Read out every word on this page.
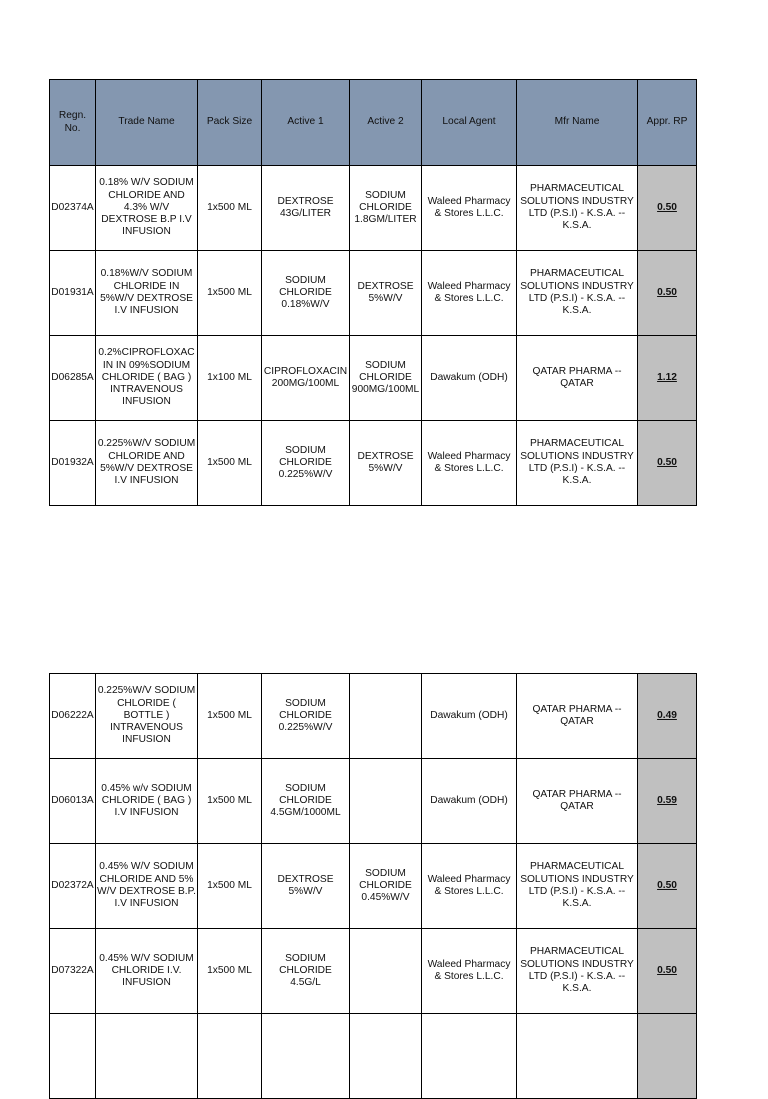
Regn. No.	Trade Name	Pack Size	Active 1	Active 2	Local Agent	Mfr Name	Appr. RP
D02374A	0.18% W/V SODIUM CHLORIDE AND 4.3% W/V DEXTROSE B.P I.V INFUSION	1x500 ML	DEXTROSE 43G/LITER	SODIUM CHLORIDE 1.8GM/LITER	Waleed Pharmacy & Stores L.L.C.	PHARMACEUTICAL SOLUTIONS INDUSTRY LTD (P.S.I) - K.S.A. -- K.S.A.	0.50
D01931A	0.18%W/V SODIUM CHLORIDE IN 5%W/V DEXTROSE I.V INFUSION	1x500 ML	SODIUM CHLORIDE 0.18%W/V	DEXTROSE 5%W/V	Waleed Pharmacy & Stores L.L.C.	PHARMACEUTICAL SOLUTIONS INDUSTRY LTD (P.S.I) - K.S.A. -- K.S.A.	0.50
D06285A	0.2%CIPROFLOXACIN IN 09%SODIUM CHLORIDE ( BAG ) INTRAVENOUS INFUSION	1x100 ML	CIPROFLOXACIN 200MG/100ML	SODIUM CHLORIDE 900MG/100ML	Dawakum (ODH)	QATAR PHARMA -- QATAR	1.12
D01932A	0.225%W/V SODIUM CHLORIDE AND 5%W/V DEXTROSE I.V INFUSION	1x500 ML	SODIUM CHLORIDE 0.225%W/V	DEXTROSE 5%W/V	Waleed Pharmacy & Stores L.L.C.	PHARMACEUTICAL SOLUTIONS INDUSTRY LTD (P.S.I) - K.S.A. -- K.S.A.	0.50
D06222A	0.225%W/V SODIUM CHLORIDE ( BOTTLE ) INTRAVENOUS INFUSION	1x500 ML	SODIUM CHLORIDE 0.225%W/V		Dawakum (ODH)	QATAR PHARMA -- QATAR	0.49
D06013A	0.45% w/v SODIUM CHLORIDE ( BAG ) I.V INFUSION	1x500 ML	SODIUM CHLORIDE 4.5GM/1000ML		Dawakum (ODH)	QATAR PHARMA -- QATAR	0.59
D02372A	0.45% W/V SODIUM CHLORIDE AND 5% W/V DEXTROSE B.P. I.V INFUSION	1x500 ML	DEXTROSE 5%W/V	SODIUM CHLORIDE 0.45%W/V	Waleed Pharmacy & Stores L.L.C.	PHARMACEUTICAL SOLUTIONS INDUSTRY LTD (P.S.I) - K.S.A. -- K.S.A.	0.50
D07322A	0.45% W/V SODIUM CHLORIDE I.V. INFUSION	1x500 ML	SODIUM CHLORIDE 4.5G/L		Waleed Pharmacy & Stores L.L.C.	PHARMACEUTICAL SOLUTIONS INDUSTRY LTD (P.S.I) - K.S.A. -- K.S.A.	0.50
